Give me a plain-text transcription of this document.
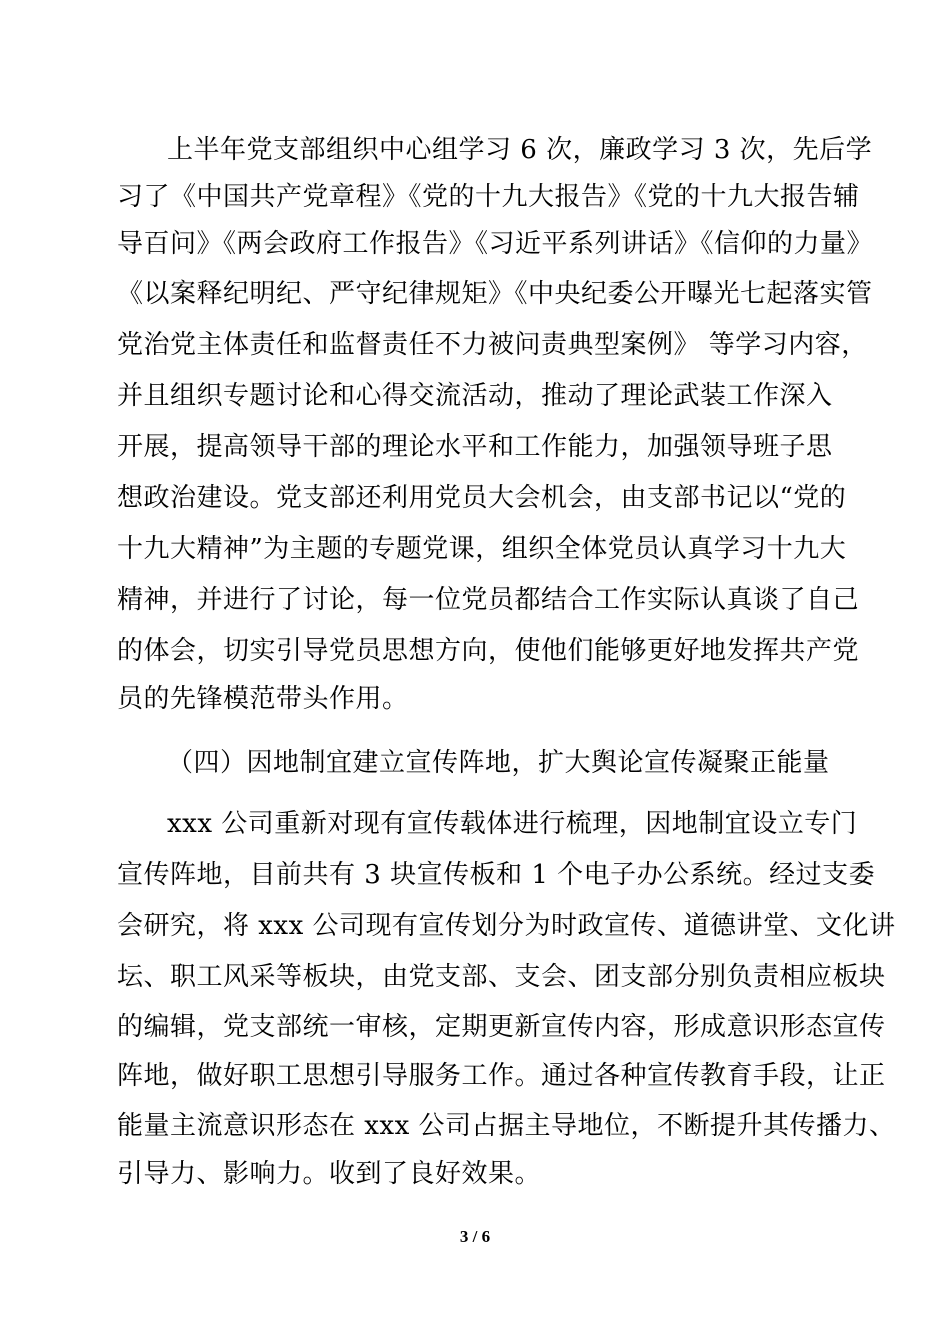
上半年党支部组织中心组学习 6 次，廉政学习 3 次，先后学
习了《中国共产党章程》《党的十九大报告》《党的十九大报告辅
导百问》《两会政府工作报告》《习近平系列讲话》《信仰的力量》
《以案释纪明纪、严守纪律规矩》《中央纪委公开曝光七起落实管
党治党主体责任和监督责任不力被问责典型案例》 等学习内容，
并且组织专题讨论和心得交流活动，推动了理论武装工作深入
开展，提高领导干部的理论水平和工作能力，加强领导班子思
想政治建设。党支部还利用党员大会机会，由支部书记以“党的
十九大精神”为主题的专题党课，组织全体党员认真学习十九大
精神，并进行了讨论，每一位党员都结合工作实际认真谈了自己
的体会，切实引导党员思想方向，使他们能够更好地发挥共产党
员的先锋模范带头作用。
（四）因地制宜建立宣传阵地，扩大舆论宣传凝聚正能量
xxx 公司重新对现有宣传载体进行梳理，因地制宜设立专门
宣传阵地，目前共有 3 块宣传板和 1 个电子办公系统。经过支委
会研究，将 xxx 公司现有宣传划分为时政宣传、道德讲堂、文化讲
坛、职工风采等板块，由党支部、支会、团支部分别负责相应板块
的编辑，党支部统一审核，定期更新宣传内容，形成意识形态宣传
阵地，做好职工思想引导服务工作。通过各种宣传教育手段，让正
能量主流意识形态在 xxx 公司占据主导地位，不断提升其传播力、
引导力、影响力。收到了良好效果。
3 / 6
